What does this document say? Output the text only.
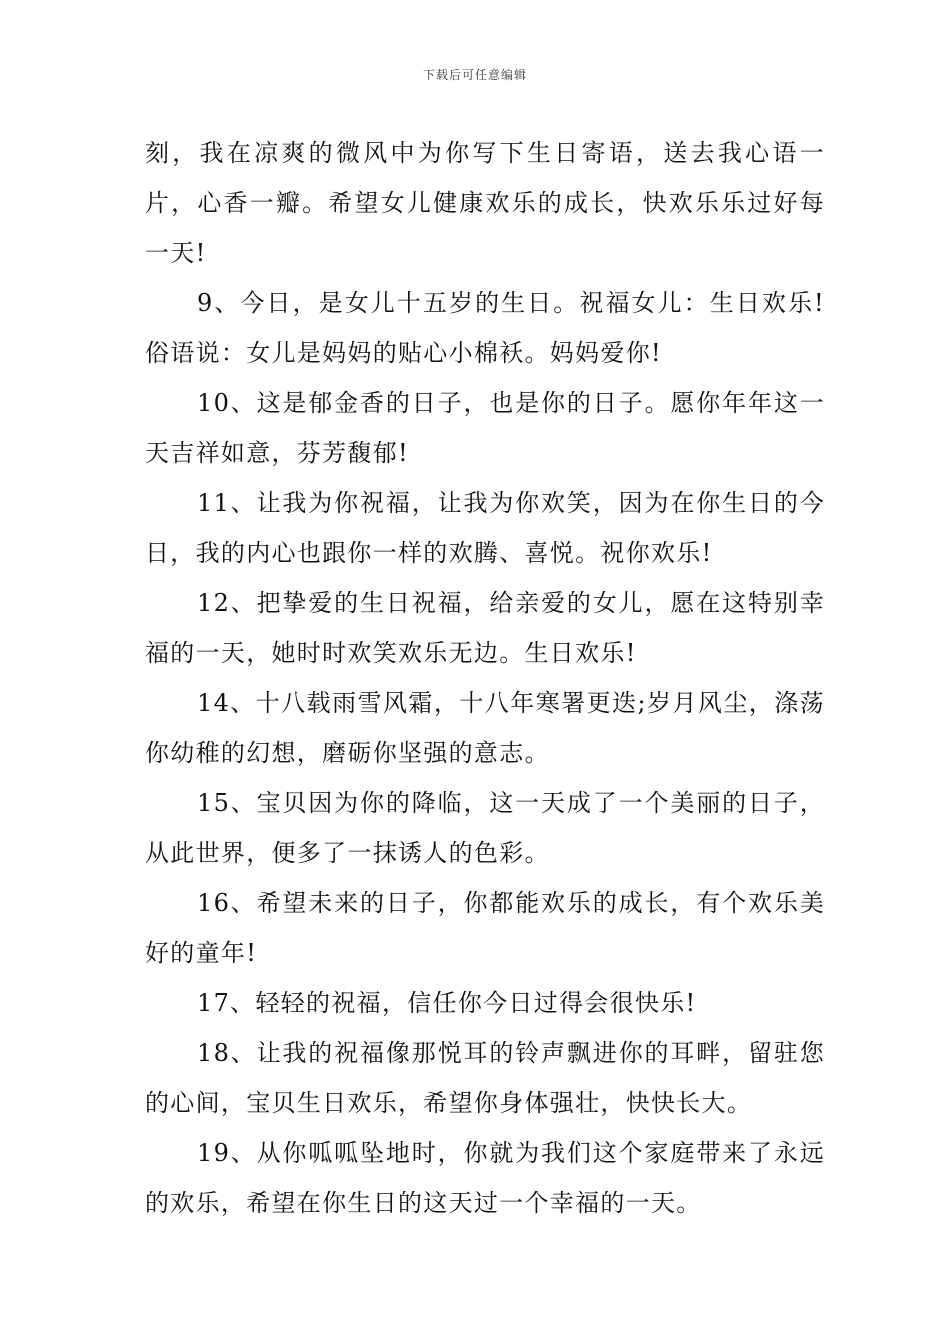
下载后可任意编辑

刻，我在凉爽的微风中为你写下生日寄语，送去我心语一片，心香一瓣。希望女儿健康欢乐的成长，快欢乐乐过好每一天!

9、今日，是女儿十五岁的生日。祝福女儿：生日欢乐!俗语说：女儿是妈妈的贴心小棉袄。妈妈爱你!

10、这是郁金香的日子，也是你的日子。愿你年年这一天吉祥如意，芬芳馥郁!

11、让我为你祝福，让我为你欢笑，因为在你生日的今日，我的内心也跟你一样的欢腾、喜悦。祝你欢乐!

12、把挚爱的生日祝福，给亲爱的女儿，愿在这特别幸福的一天，她时时欢笑欢乐无边。生日欢乐!

14、十八载雨雪风霜，十八年寒署更迭;岁月风尘，涤荡你幼稚的幻想，磨砺你坚强的意志。

15、宝贝因为你的降临，这一天成了一个美丽的日子，从此世界，便多了一抹诱人的色彩。

16、希望未来的日子，你都能欢乐的成长，有个欢乐美好的童年!

17、轻轻的祝福，信任你今日过得会很快乐!

18、让我的祝福像那悦耳的铃声飘进你的耳畔，留驻您的心间，宝贝生日欢乐，希望你身体强壮，快快长大。

19、从你呱呱坠地时，你就为我们这个家庭带来了永远的欢乐，希望在你生日的这天过一个幸福的一天。
